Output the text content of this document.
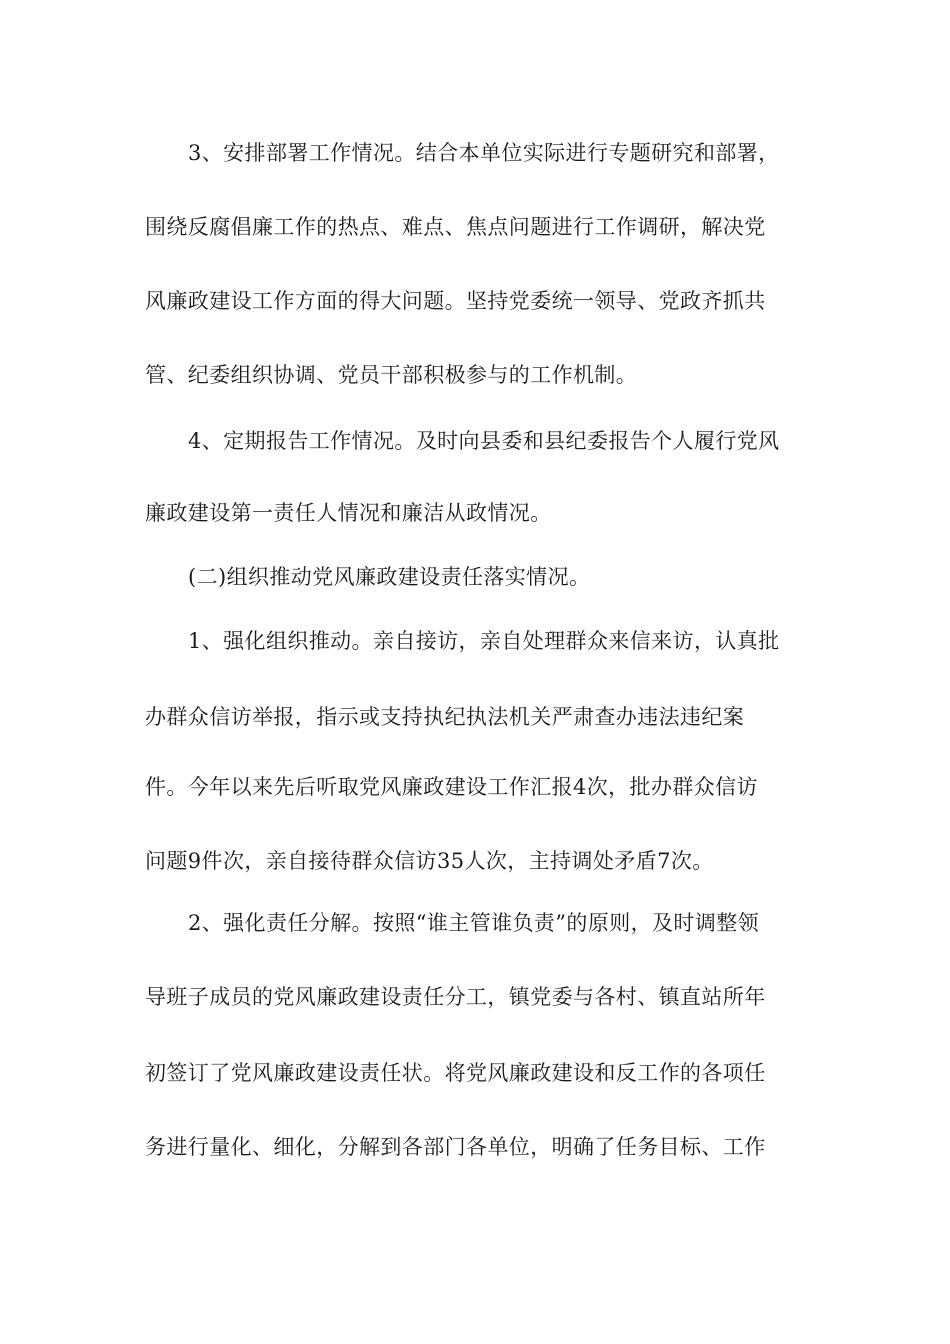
3、安排部署工作情况。结合本单位实际进行专题研究和部署，
围绕反腐倡廉工作的热点、难点、焦点问题进行工作调研，解决党
风廉政建设工作方面的得大问题。坚持党委统一领导、党政齐抓共
管、纪委组织协调、党员干部积极参与的工作机制。
4、定期报告工作情况。及时向县委和县纪委报告个人履行党风
廉政建设第一责任人情况和廉洁从政情况。
(二)组织推动党风廉政建设责任落实情况。
1、强化组织推动。亲自接访，亲自处理群众来信来访，认真批
办群众信访举报，指示或支持执纪执法机关严肃查办违法违纪案
件。今年以来先后听取党风廉政建设工作汇报4次，批办群众信访
问题9件次，亲自接待群众信访35人次，主持调处矛盾7次。
2、强化责任分解。按照“谁主管谁负责”的原则，及时调整领
导班子成员的党风廉政建设责任分工，镇党委与各村、镇直站所年
初签订了党风廉政建设责任状。将党风廉政建设和反工作的各项任
务进行量化、细化，分解到各部门各单位，明确了任务目标、工作
